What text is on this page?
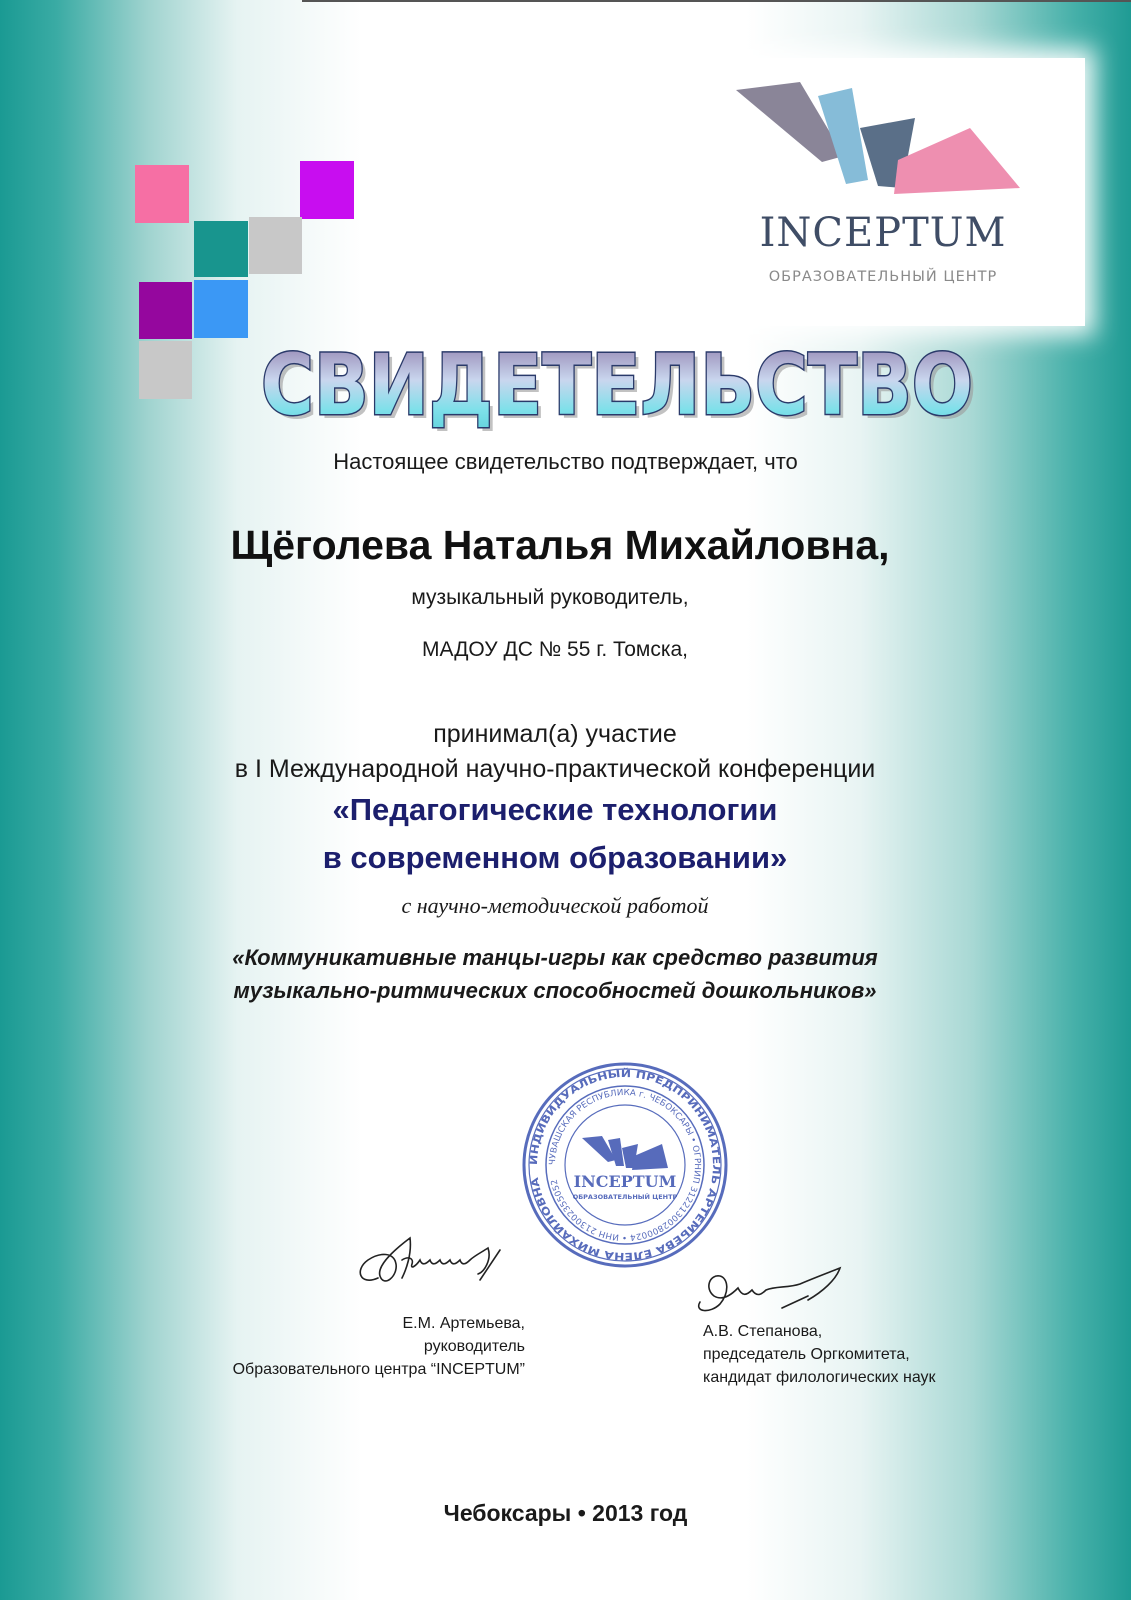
INCEPTUM
ОБРАЗОВАТЕЛЬНЫЙ ЦЕНТР
СВИДЕТЕЛЬСТВО
СВИДЕТЕЛЬСТВО
Настоящее свидетельство подтверждает, что
Щёголева Наталья Михайловна,
музыкальный руководитель,
МАДОУ ДС № 55 г. Томска,
принимал(а) участие
в I Международной научно-практической конференции
«Педагогические технологии
в современном образовании»
с научно-методической работой
«Коммуникативные танцы-игры как средство развития
музыкально-ритмических способностей дошкольников»
ИНДИВИДУАЛЬНЫЙ ПРЕДПРИНИМАТЕЛЬ АРТЕМЬЕВА ЕЛЕНА МИХАЙЛОВНА
ЧУВАШСКАЯ РЕСПУБЛИКА г. ЧЕБОКСАРЫ • ОГРНИП 312213002800024 • ИНН 213002355052 INCEPTUM
ОБРАЗОВАТЕЛЬНЫЙ ЦЕНТР
Е.М. Артемьева,
руководитель
Образовательного центра “INCEPTUM”
А.В. Степанова,
председатель Оргкомитета,
кандидат филологических наук
Чебоксары • 2013 год
